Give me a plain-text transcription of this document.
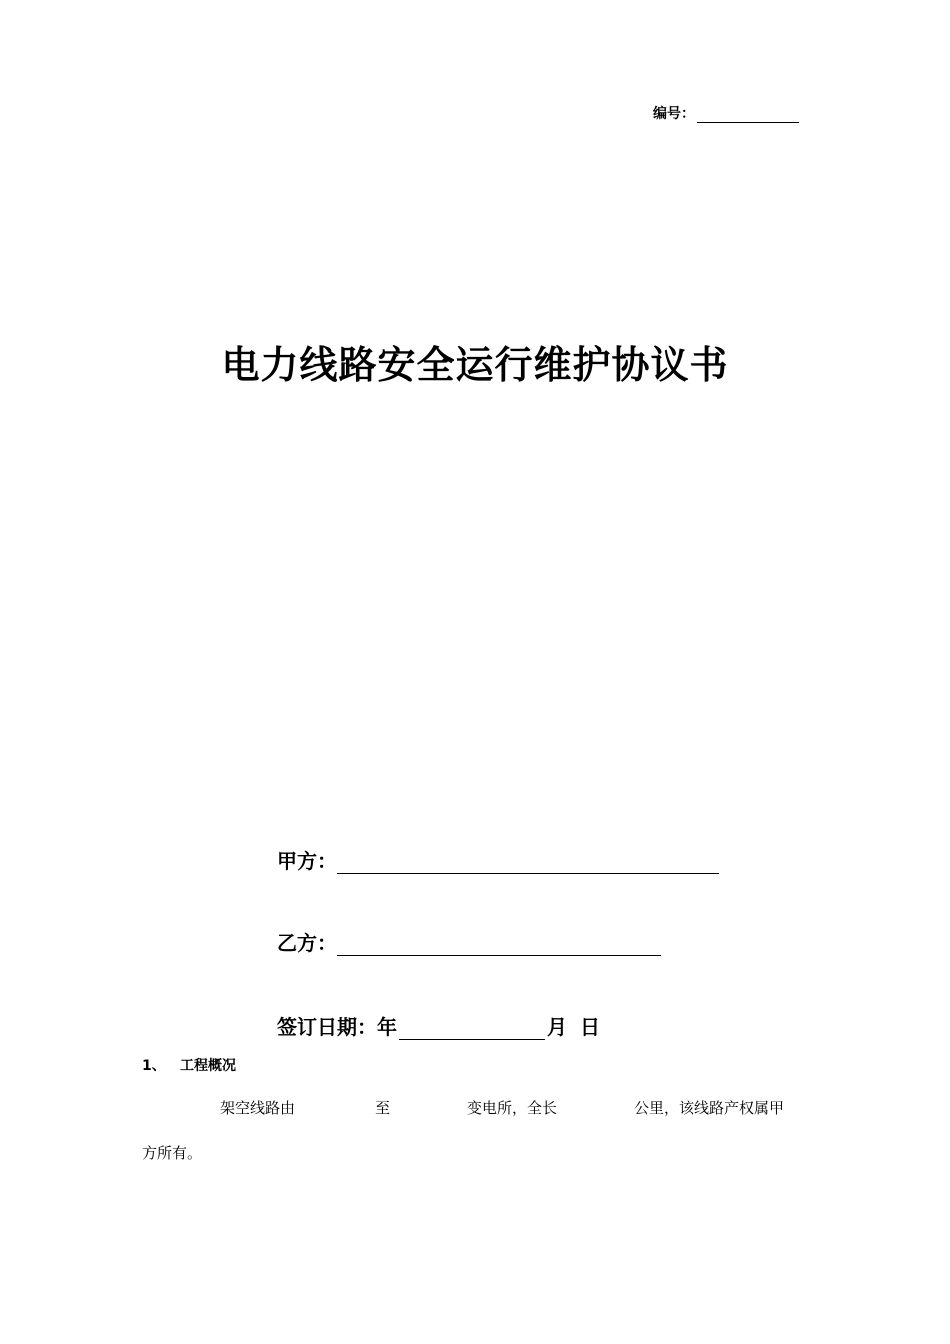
编号：
电力线路安全运行维护协议书
甲方：
乙方：
签订日期： 年	月 日
1、 工程概况
架空线路由	至	变电所，全长	公里，该线路产权属甲
方所有。
